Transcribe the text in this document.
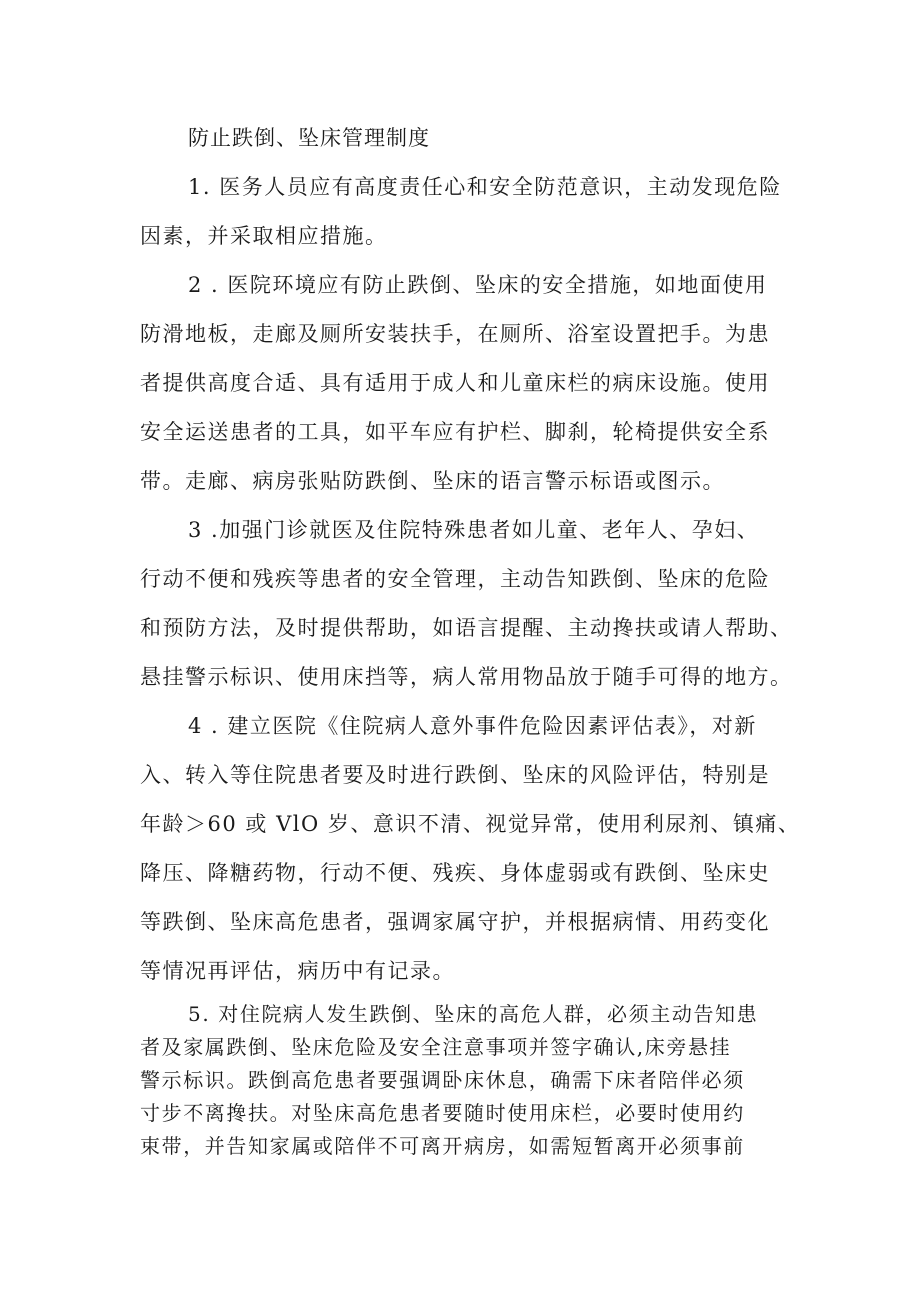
防止跌倒、坠床管理制度
1. 医务人员应有高度责任心和安全防范意识，主动发现危险
因素，并采取相应措施。
2 . 医院环境应有防止跌倒、坠床的安全措施，如地面使用
防滑地板，走廊及厕所安装扶手，在厕所、浴室设置把手。为患
者提供高度合适、具有适用于成人和儿童床栏的病床设施。使用
安全运送患者的工具，如平车应有护栏、脚刹，轮椅提供安全系
带。走廊、病房张贴防跌倒、坠床的语言警示标语或图示。
3 .加强门诊就医及住院特殊患者如儿童、老年人、孕妇、
行动不便和残疾等患者的安全管理，主动告知跌倒、坠床的危险
和预防方法，及时提供帮助，如语言提醒、主动搀扶或请人帮助、
悬挂警示标识、使用床挡等，病人常用物品放于随手可得的地方。
4 . 建立医院《住院病人意外事件危险因素评估表》，对新
入、转入等住院患者要及时进行跌倒、坠床的风险评估，特别是
年龄＞60 或 VlO 岁、意识不清、视觉异常，使用利尿剂、镇痛、
降压、降糖药物，行动不便、残疾、身体虚弱或有跌倒、坠床史
等跌倒、坠床高危患者，强调家属守护，并根据病情、用药变化
等情况再评估，病历中有记录。
5. 对住院病人发生跌倒、坠床的高危人群，必须主动告知患
者及家属跌倒、坠床危险及安全注意事项并签字确认,床旁悬挂
警示标识。跌倒高危患者要强调卧床休息，确需下床者陪伴必须
寸步不离搀扶。对坠床高危患者要随时使用床栏，必要时使用约
束带，并告知家属或陪伴不可离开病房，如需短暂离开必须事前
